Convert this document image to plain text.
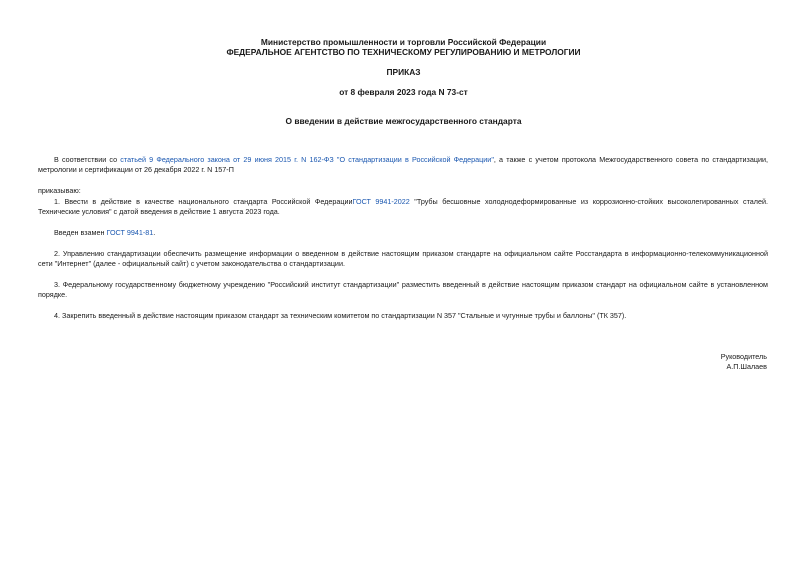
Министерство промышленности и торговли Российской Федерации
ФЕДЕРАЛЬНОЕ АГЕНТСТВО ПО ТЕХНИЧЕСКОМУ РЕГУЛИРОВАНИЮ И МЕТРОЛОГИИ
ПРИКАЗ
от 8 февраля 2023 года N 73-ст
О введении в действие межгосударственного стандарта
В соответствии со статьей 9 Федерального закона от 29 июня 2015 г. N 162-ФЗ "О стандартизации в Российской Федерации", а также с учетом протокола Межгосударственного совета по стандартизации, метрологии и сертификации от 26 декабря 2022 г. N 157-П
приказываю:
1. Ввести в действие в качестве национального стандарта Российской ФедерацииГОСТ 9941-2022 "Трубы бесшовные холоднодеформированные из коррозионно-стойких высоколегированных сталей. Технические условия" с датой введения в действие 1 августа 2023 года.
Введен взамен ГОСТ 9941-81.
2. Управлению стандартизации обеспечить размещение информации о введенном в действие настоящим приказом стандарте на официальном сайте Росстандарта в информационно-телекоммуникационной сети "Интернет" (далее - официальный сайт) с учетом законодательства о стандартизации.
3. Федеральному государственному бюджетному учреждению "Российский институт стандартизации" разместить введенный в действие настоящим приказом стандарт на официальном сайте в установленном порядке.
4. Закрепить введенный в действие настоящим приказом стандарт за техническим комитетом по стандартизации N 357 "Стальные и чугунные трубы и баллоны" (ТК 357).
Руководитель
А.П.Шалаев
